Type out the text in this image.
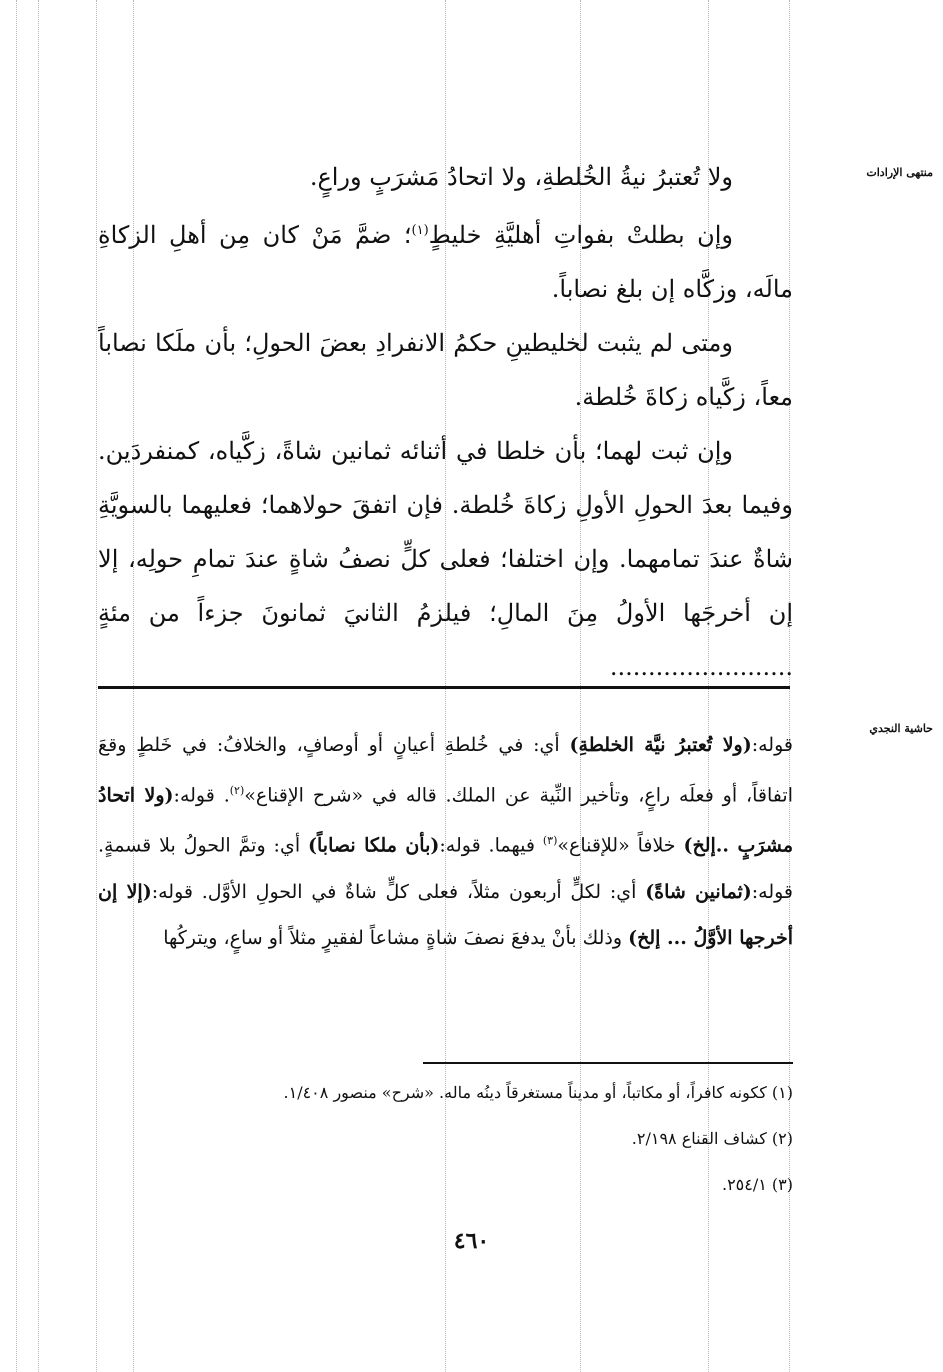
منتهى الإرادات
حاشية النجدي

ولا تُعتبرُ نيةُ الخُلطةِ، ولا اتحادُ مَشرَبٍ وراعٍ.

وإن بطلتْ بفواتِ أهليَّةِ خليطٍ$^{(١)}$؛ ضمَّ مَنْ كان مِن أهلِ الزكاةِ مالَه، وزكَّاه إن بلغ نصاباً.

ومتى لم يثبت لخليطينِ حكمُ الانفرادِ بعضَ الحولِ؛ بأن ملَكا نصاباً معاً، زكَّياه زكاةَ خُلطة.

وإن ثبت لهما؛ بأن خلطا في أثنائه ثمانين شاةً، زكَّياه، كمنفردَين. وفيما بعدَ الحولِ الأولِ زكاةَ خُلطة. فإن اتفقَ حولاهما؛ فعليهما بالسويَّةِ شاةٌ عندَ تمامهما. وإن اختلفا؛ فعلى كلٍّ نصفُ شاةٍ عندَ تمامِ حولِه، إلا إن أخرجَها الأولُ مِنَ المالِ؛ فيلزمُ الثانيَ ثمانونَ جزءاً من مئةٍ ........................

قوله:(ولا تُعتبرُ نيَّة الخلطةِ) أي: في خُلطةِ أعيانٍ أو أوصافٍ، والخلافُ: في خَلطٍ وقعَ اتفاقاً، أو فعلَه راعٍ، وتأخير النِّية عن الملك. قاله في «شرح الإقناع»$^{(٢)}$. قوله:(ولا اتحادُ مشرَبٍ ..إلخ) خلافاً «للإقناع»$^{(٣)}$ فيهما. قوله:(بأن ملكا نصاباً) أي: وتمَّ الحولُ بلا قسمةٍ. قوله:(ثمانين شاةً) أي: لكلٍّ أربعون مثلاً، فعلى كلٍّ شاةٌ في الحولِ الأوَّل. قوله:(إلا إن أخرجها الأوَّلُ ... إلخ) وذلك بأنْ يدفعَ نصفَ شاةٍ مشاعاً لفقيرٍ مثلاً أو ساعٍ، ويتركُها

(١) ككونه كافراً، أو مكاتباً، أو مديناً مستغرقاً دينُه ماله. «شرح» منصور ١/٤٠٨.
(٢) كشاف القناع ٢/١٩٨.
(٣) ٢٥٤/١.
٤٦٠
